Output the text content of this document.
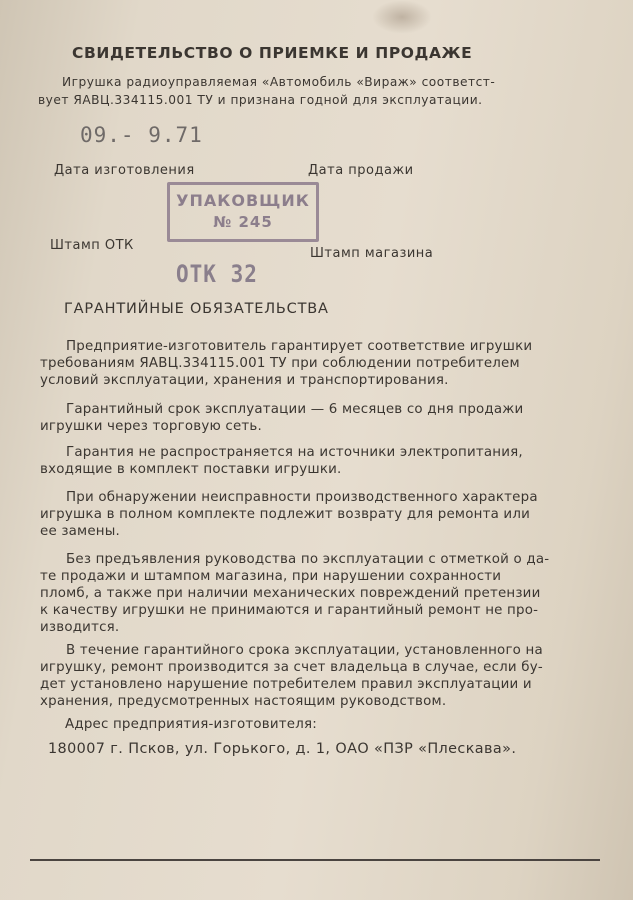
СВИДЕТЕЛЬСТВО О ПРИЕМКЕ И ПРОДАЖЕ
Игрушка радиоуправляемая «Автомобиль «Вираж» соответст-
вует ЯАВЦ.334115.001 ТУ и признана годной для эксплуатации.
09.- 9.71
Дата изготовления	Дата продажи
УПАКОВЩИК
№ 245
Штамп ОТК
Штамп магазина
ОТК 32
ГАРАНТИЙНЫЕ ОБЯЗАТЕЛЬСТВА
Предприятие-изготовитель гарантирует соответствие игрушки
требованиям ЯАВЦ.334115.001 ТУ при соблюдении потребителем
условий эксплуатации, хранения и транспортирования.
Гарантийный срок эксплуатации — 6 месяцев со дня продажи
игрушки через торговую сеть.
Гарантия не распространяется на источники электропитания,
входящие в комплект поставки игрушки.
При обнаружении неисправности производственного характера
игрушка в полном комплекте подлежит возврату для ремонта или
ее замены.
Без предъявления руководства по эксплуатации с отметкой о да-
те продажи и штампом магазина, при нарушении сохранности
пломб, а также при наличии механических повреждений претензии
к качеству игрушки не принимаются и гарантийный ремонт не про-
изводится.
В течение гарантийного срока эксплуатации, установленного на
игрушку, ремонт производится за счет владельца в случае, если бу-
дет установлено нарушение потребителем правил эксплуатации и
хранения, предусмотренных настоящим руководством.
Адрес предприятия-изготовителя:
180007 г. Псков, ул. Горького, д. 1, ОАО «ПЗР «Плескава».
